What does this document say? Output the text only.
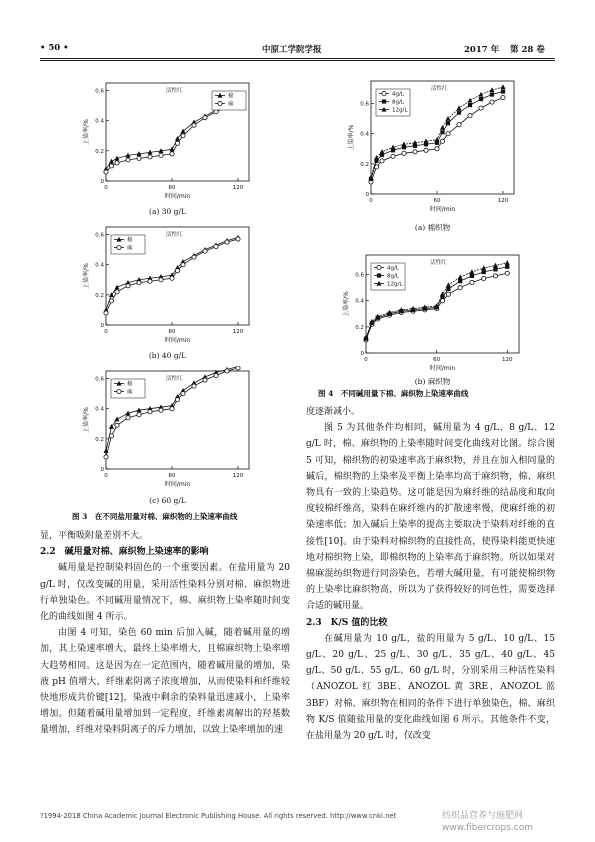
• 50 •	中原工学院学报	2017 年 第 28 卷
0	60	120
0
0.2
0.4
0.6
时间/min
上染率/%
活性红
棉
麻
(a) 30 g/L
0	60	120
0
0.2
0.4
0.6
时间/min
上染率/%
活性红
棉
麻
(b) 40 g/L
0	60	120
0
0.2
0.4
0.6
时间/min
上染率/%
活性红
棉
麻
(c) 60 g/L
图 3　在不同盐用量对棉、麻织物的上染速率曲线
0	60	120
0
0.2
0.4
0.6
时间/min
上染率/%
活性红
4g/L
8g/L
12g/L
(a) 棉织物
0	60	120
0
0.2
0.4
0.6
时间/min
上染率/%
活性红
4g/L
8g/L
12g/L
(b) 麻织物
图 4　不同碱用量下棉、麻织物上染速率曲线

显，平衡吸附量差别不大。

2.2　碱用量对棉、麻织物上染速率的影响

碱用量是控制染料固色的一个重要因素。在盐用量为 20 g/L 时，仅改变碱的用量，采用活性染料分别对棉、麻织物进行单独染色。不同碱用量情况下，棉、麻织物上染率随时间变化的曲线如图 4 所示。

由图 4 可知，染色 60 min 后加入碱，随着碱用量的增加，其上染速率增大，最终上染率增大，且棉麻织物上染率增大趋势相同。这是因为在一定范围内，随着碱用量的增加，染液 pH 值增大，纤维素阴离子浓度增加，从而使染料和纤维较快地形成共价键[12]，染液中剩余的染料量迅速减小，上染率增加。但随着碱用量增加到一定程度，纤维素离解出的羟基数量增加，纤维对染料阴离子的斥力增加，以致上染率增加的速

度逐渐减小。

图 5 为其他条件均相同，碱用量为 4 g/L、8 g/L、12 g/L 时，棉、麻织物的上染率随时间变化曲线对比图。综合图 5 可知，棉织物的初染速率高于麻织物，并且在加入相同量的碱后，棉织物的上染率及平衡上染率均高于麻织物，棉、麻织物具有一致的上染趋势。这可能是因为麻纤维的结晶度和取向度较棉纤维高，染料在麻纤维内的扩散速率慢，使麻纤维的初染速率低；加入碱后上染率的提高主要取决于染料对纤维的直接性[10]。由于染料对棉织物的直接性高，使得染料能更快速地对棉织物上染，即棉织物的上染率高于麻织物。所以如果对棉麻混纺织物进行同浴染色，若增大碱用量，有可能使棉织物的上染率比麻织物高，所以为了获得较好的同色性，需要选择合适的碱用量。

2.3　K/S 值的比较

在碱用量为 10 g/L，盐的用量为 5 g/L、10 g/L、15 g/L、20 g/L、25 g/L、30 g/L、35 g/L、40 g/L、45 g/L、50 g/L、55 g/L、60 g/L 时，分别采用三种活性染料（ANOZOL 红 3BE、ANOZOL 黄 3RE、ANOZOL 蓝 3BF）对棉、麻织物在相同的条件下进行单独染色，棉、麻织物 K/S 值随盐用量的变化曲线如图 6 所示。其他条件不变，在盐用量为 20 g/L 时，仅改变

?1994-2018 China Academic Journal Electronic Publishing House. All rights reserved. http://www.cnki.net	纺织品营养与施肥网 www.fibercrops.com
